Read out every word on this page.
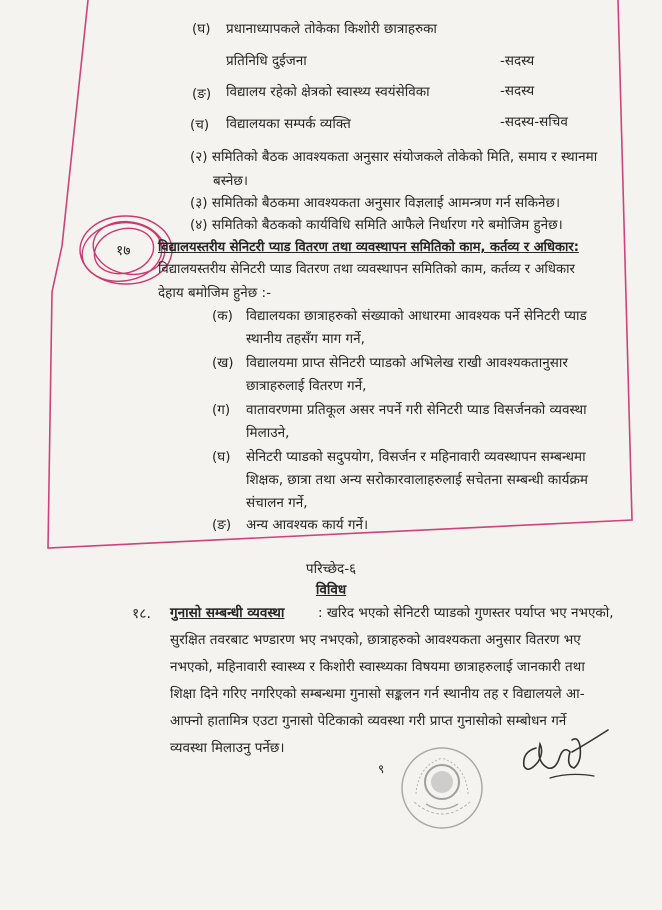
(घ) प्रधानाध्यापकले तोकेका किशोरी छात्राहरुका
प्रतिनिधि दुईजना	-सदस्य
(ङ) विद्यालय रहेको क्षेत्रको स्वास्थ्य स्वयंसेविका	-सदस्य
(च) विद्यालयका सम्पर्क व्यक्ति	-सदस्य-सचिव
(२) समितिको बैठक आवश्यकता अनुसार संयोजकले तोकेको मिति, समाय र स्थानमा
बस्नेछ।
(३) समितिको बैठकमा आवश्यकता अनुसार विज्ञलाई आमन्त्रण गर्न सकिनेछ।
(४) समितिको बैठकको कार्यविधि समिति आफैले निर्धारण गरे बमोजिम हुनेछ।
१७ विद्यालयस्तरीय सेनिटरी प्याड वितरण तथा व्यवस्थापन समितिको काम, कर्तव्य र अधिकार:
विद्यालयस्तरीय सेनिटरी प्याड वितरण तथा व्यवस्थापन समितिको काम, कर्तव्य र अधिकार
देहाय बमोजिम हुनेछ :-
(क) विद्यालयका छात्राहरुको संख्याको आधारमा आवश्यक पर्ने सेनिटरी प्याड
स्थानीय तहसँग माग गर्ने,
(ख) विद्यालयमा प्राप्त सेनिटरी प्याडको अभिलेख राखी आवश्यकतानुसार
छात्राहरुलाई वितरण गर्ने,
(ग) वातावरणमा प्रतिकूल असर नपर्ने गरी सेनिटरी प्याड विसर्जनको व्यवस्था
मिलाउने,
(घ) सेनिटरी प्याडको सदुपयोग, विसर्जन र महिनावारी व्यवस्थापन सम्बन्धमा
शिक्षक, छात्रा तथा अन्य सरोकारवालाहरुलाई सचेतना सम्बन्धी कार्यक्रम
संचालन गर्ने,
(ङ) अन्य आवश्यक कार्य गर्ने।
परिच्छेद-६
विविध
१८. गुनासो सम्बन्धी व्यवस्था : खरिद भएको सेनिटरी प्याडको गुणस्तर पर्याप्त भए नभएको,
सुरक्षित तवरबाट भण्डारण भए नभएको, छात्राहरुको आवश्यकता अनुसार वितरण भए
नभएको, महिनावारी स्वास्थ्य र किशोरी स्वास्थ्यका विषयमा छात्राहरुलाई जानकारी तथा
शिक्षा दिने गरिए नगरिएको सम्बन्धमा गुनासो सङ्कलन गर्न स्थानीय तह र विद्यालयले आ-
आफ्नो हातामित्र एउटा गुनासो पेटिकाको व्यवस्था गरी प्राप्त गुनासोको सम्बोधन गर्ने
व्यवस्था मिलाउनु पर्नेछ।
९
